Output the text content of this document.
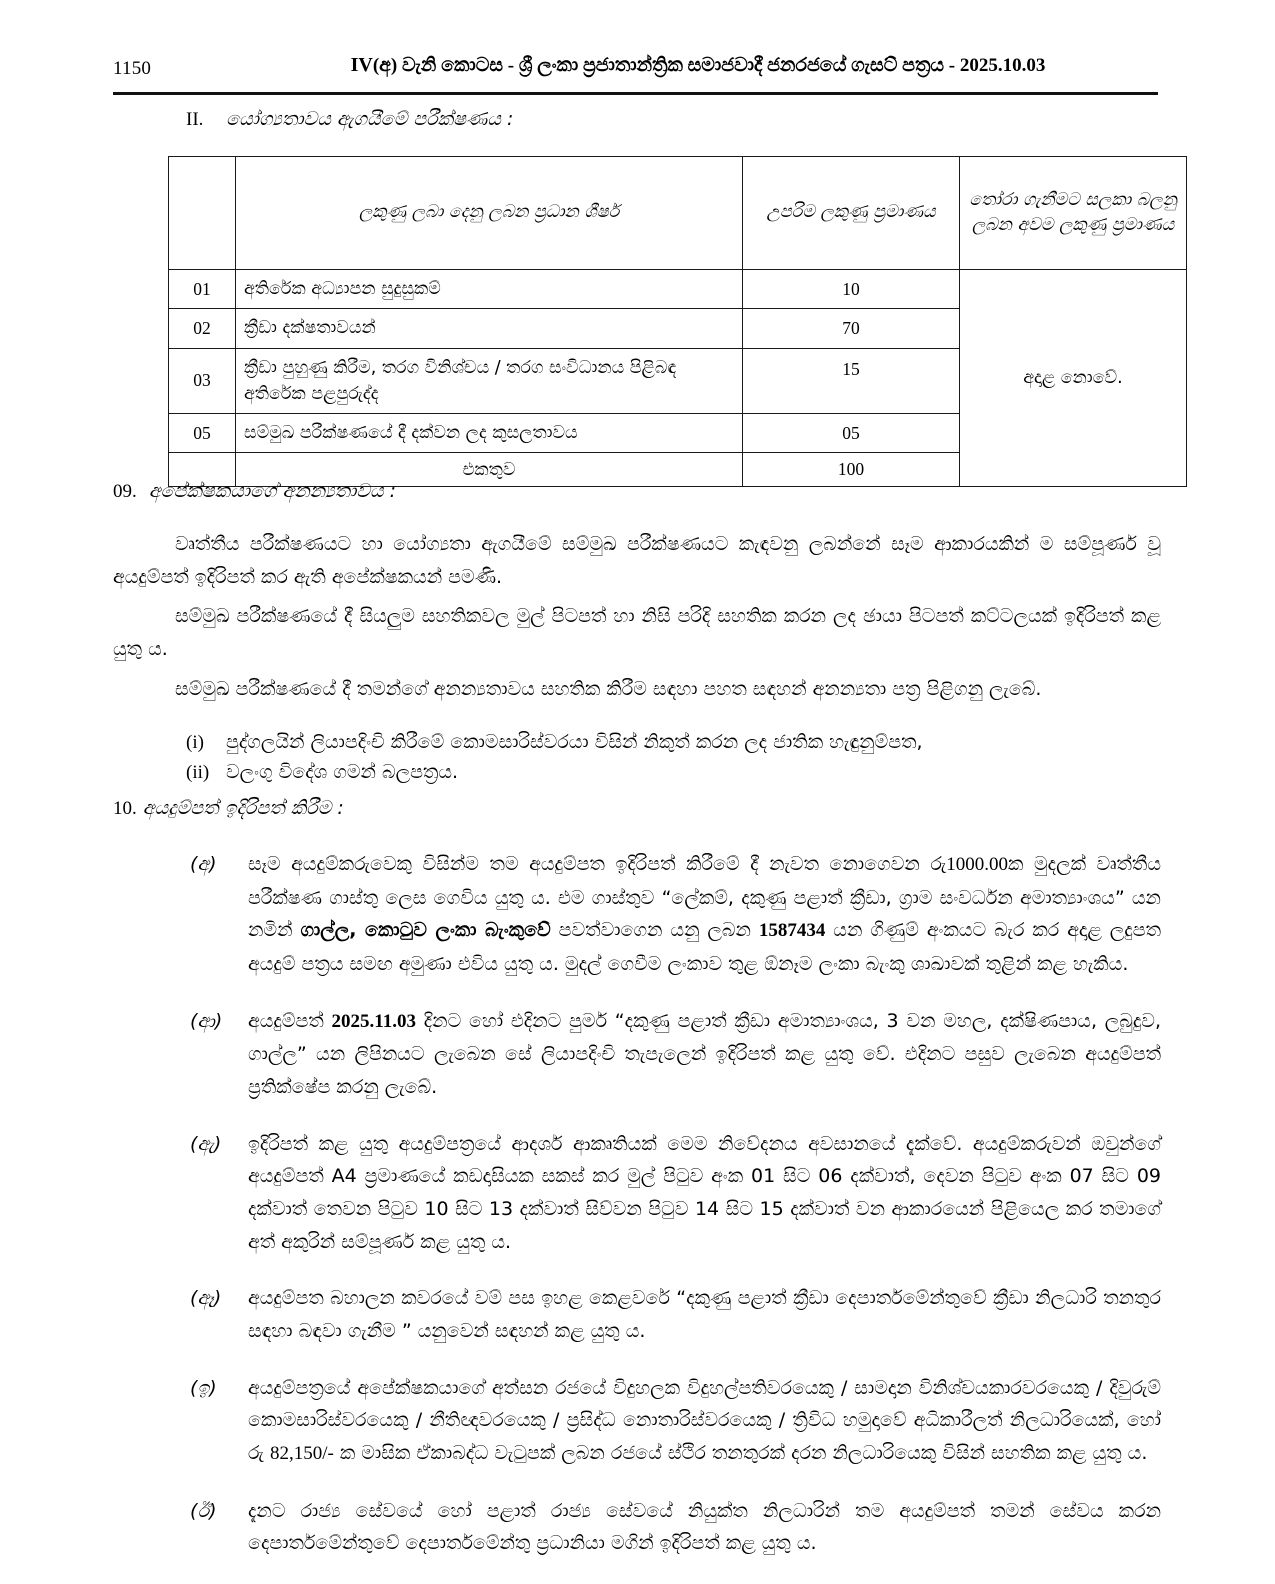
1150	IV(අ) වැනි කොටස - ශ්‍රී ලංකා ප්‍රජාතාන්ත්‍රික සමාජවාදී ජනරජයේ ගැසට් පත්‍රය - 2025.10.03
II. යෝග්‍යතාවය ඇගයීමේ පරීක්ෂණය :
	ලකුණු ලබා දෙනු ලබන ප්‍රධාන ශීර්ෂ	උපරිම ලකුණු ප්‍රමාණය	තෝරා ගැනීමට සලකා බලනු ලබන අවම ලකුණු ප්‍රමාණය
01	අතිරේක අධ්‍යාපන සුදුසුකම්	10	අදාළ නොවේ.
02	ක්‍රීඩා දක්ෂතාවයන්	70	
03	ක්‍රීඩා පුහුණු කිරීම, තරග විනිශ්චය / තරග සංවිධානය පිළිබඳ අතිරේක පළපුරුද්ද	15	
05	සම්මුඛ පරීක්ෂණයේ දී දක්වන ලද කුසලතාවය	05	
	එකතුව	100	
09. අපේක්ෂකයාගේ අනන්‍යතාවය :
වෘත්තීය පරීක්ෂණයට හා යෝග්‍යතා ඇගයීමේ සම්මුඛ පරීක්ෂණයට කැඳවනු ලබන්නේ සෑම ආකාරයකින් ම සම්පූර්ණ වූ අයදුම්පත් ඉදිරිපත් කර ඇති අපේක්ෂකයන් පමණි.
සම්මුඛ පරීක්ෂණයේ දී සියලුම සහතිකවල මුල් පිටපත් හා නිසි පරිදි සහතික කරන ලද ඡායා පිටපත් කට්ටලයක් ඉදිරිපත් කළ යුතු ය.
සම්මුඛ පරීක්ෂණයේ දී තමන්ගේ අනන්‍යතාවය සහතික කිරීම සඳහා පහත සඳහන් අනන්‍යතා පත්‍ර පිළිගනු ලැබේ.
(i)	පුද්ගලයින් ලියාපදිංචි කිරීමේ කොමසාරිස්වරයා විසින් නිකුත් කරන ලද ජාතික හැඳුනුම්පත,
(ii) වලංගු විදේශ ගමන් බලපත්‍රය.
10. අයදුම්පත් ඉදිරිපත් කිරීම :
(අ)	සෑම අයදුම්කරුවෙකු විසින්ම තම අයදුම්පත ඉදිරිපත් කිරීමේ දී නැවත නොගෙවන රු1000.00ක මුදලක් වෘත්තීය පරීක්ෂණ ගාස්තු ලෙස ගෙවිය යුතු ය. එම ගාස්තුව “ලේකම්, දකුණු පළාත් ක්‍රීඩා, ග්‍රාම සංවර්ධන අමාත්‍යාංශය” යන නමින් ගාල්ල, කොටුව ලංකා බැංකුවේ පවත්වාගෙන යනු ලබන 1587434 යන ගිණුම් අංකයට බැර කර අදාළ ලදුපත අයදුම් පත්‍රය සමඟ අමුණා එවිය යුතු ය. මුදල් ගෙවීම ලංකාව තුළ ඕනෑම ලංකා බැංකු ශාඛාවක් තුළින් කළ හැකිය.
(ආ)	අයදුම්පත් 2025.11.03 දිනට හෝ එදිනට පුර්ම “දකුණු පළාත් ක්‍රීඩා අමාත්‍යාංශය, 3 වන මහල, දක්ෂිණපාය, ලබුදුව, ගාල්ල” යන ලිපිනයට ලැබෙන සේ ලියාපදිංචි තැපැලෙන් ඉදිරිපත් කළ යුතු වේ. එදිනට පසුව ලැබෙන අයදුම්පත් ප්‍රතික්ෂේප කරනු ලැබේ.
(ඇ)	ඉදිරිපත් කළ යුතු අයදුම්පත්‍රයේ ආදර්ශ ආකෘතියක් මෙම නිවේදනය අවසානයේ දැක්වේ. අයදුම්කරුවන් ඔවුන්ගේ අයදුම්පත් A4 ප්‍රමාණයේ කඩදාසියක සකස් කර මුල් පිටුව අංක 01 සිට 06 දක්වාත්, දෙවන පිටුව අංක 07 සිට 09 දක්වාත් තෙවන පිටුව 10 සිට 13 දක්වාත් සිව්වන පිටුව 14 සිට 15 දක්වාත් වන ආකාරයෙන් පිළියෙල කර තමාගේ අත් අකුරින් සම්පූර්ණ කළ යුතු ය.
(ඈ)	අයදුම්පත බහාලන කවරයේ වම් පස ඉහළ කෙළවරේ “දකුණු පළාත් ක්‍රීඩා දෙපාර්තමේන්තුවේ ක්‍රීඩා නිලධාරි තනතුර සඳහා බඳවා ගැනීම ” යනුවෙන් සඳහන් කළ යුතු ය.
(ඉ)	අයදුම්පත්‍රයේ අපේක්ෂකයාගේ අත්සන රජයේ විදුහලක විදුහල්පතිවරයෙකු / සාමදාන විනිශ්චයකාරවරයෙකු / දිවුරුම් කොමසාරිස්වරයෙකු / නීතිඥවරයෙකු / ප්‍රසිද්ධ නොතාරිස්වරයෙකු / ත්‍රිවිධ හමුදාවේ අධිකාරීලත් නිලධාරියෙක්, හෝ රු 82,150/- ක මාසික ඒකාබද්ධ වැටුපක් ලබන රජයේ ස්ථිර තනතුරක් දරන නිලධාරියෙකු විසින් සහතික කළ යුතු ය.
(ඊ)	දැනට රාජ්‍ය සේවයේ හෝ පළාත් රාජ්‍ය සේවයේ නියුක්ත නිලධාරින් තම අයදුම්පත් තමන් සේවය කරන දෙපාර්තමේන්තුවේ දෙපාර්තමේන්තු ප්‍රධානියා මගින් ඉදිරිපත් කළ යුතු ය.
